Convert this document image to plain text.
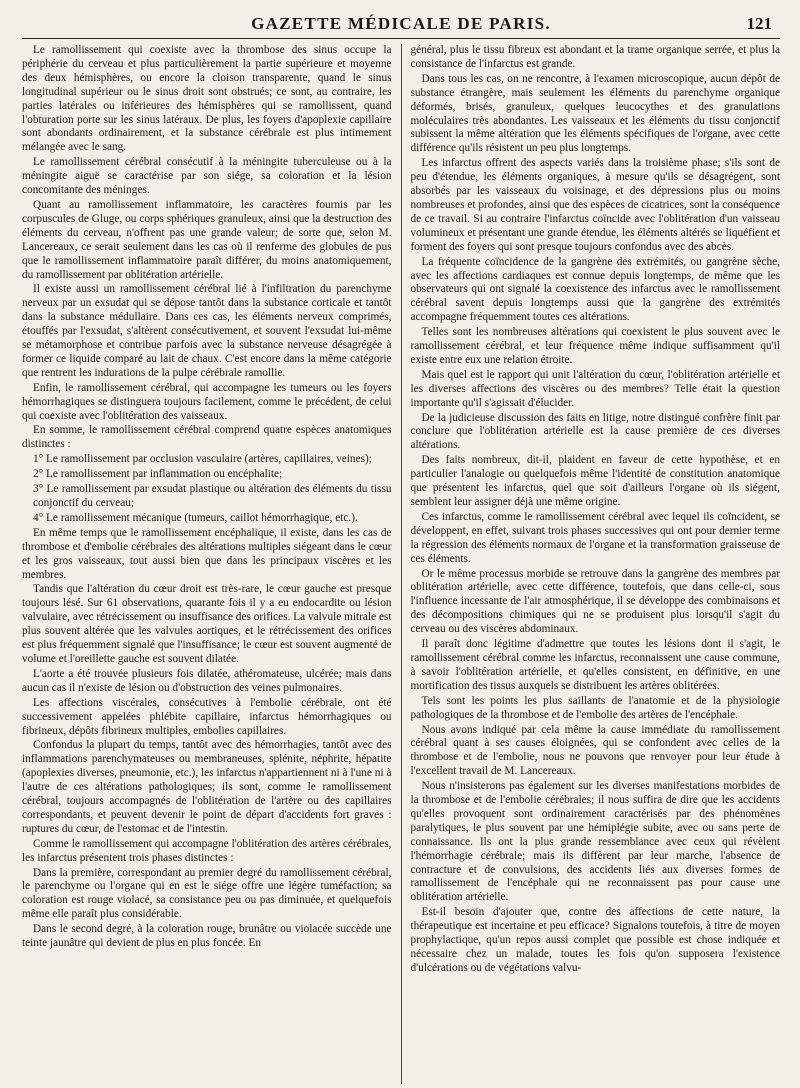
GAZETTE MÉDICALE DE PARIS.	121

Le ramollissement qui coexiste avec la thrombose des sinus occupe la périphérie du cerveau et plus particulièrement la partie supérieure et moyenne des deux hémisphères, ou encore la cloison transparente, quand le sinus longitudinal supérieur ou le sinus droit sont obstrués; ce sont, au contraire, les parties latérales ou inférieures des hémisphères qui se ramollissent, quand l'obturation porte sur les sinus latéraux. De plus, les foyers d'apoplexie capillaire sont abondants ordinairement, et la substance cérébrale est plus intimement mélangée avec le sang.

Le ramollissement cérébral consécutif à la méningite tuberculeuse ou à la méningite aiguë se caractérise par son siége, sa coloration et la lésion concomitante des méninges.

Quant au ramollissement inflammatoire, les caractères fournis par les corpuscules de Gluge, ou corps sphériques granuleux, ainsi que la destruction des éléments du cerveau, n'offrent pas une grande valeur; de sorte que, selon M. Lancereaux, ce serait seulement dans les cas où il renferme des globules de pus que le ramollissement inflammatoire paraît différer, du moins anatomiquement, du ramollissement par oblitération artérielle.

Il existe aussi un ramollissement cérébral lié à l'infiltration du parenchyme nerveux par un exsudat qui se dépose tantôt dans la substance corticale et tantôt dans la substance médullaire. Dans ces cas, les éléments nerveux comprimés, étouffés par l'exsudat, s'altèrent consécutivement, et souvent l'exsudat lui-même se métamorphose et contribue parfois avec la substance nerveuse désagrégée à former ce liquide comparé au lait de chaux. C'est encore dans la même catégorie que rentrent les indurations de la pulpe cérébrale ramollie.

Enfin, le ramollissement cérébral, qui accompagne les tumeurs ou les foyers hémorrhagiques se distinguera toujours facilement, comme le précédent, de celui qui coexiste avec l'oblitération des vaisseaux.

En somme, le ramollissement cérébral comprend quatre espèces anatomiques distinctes :

1° Le ramollissement par occlusion vasculaire (artères, capillaires, veines);

2° Le ramollissement par inflammation ou encéphalite;

3° Le ramollissement par exsudat plastique ou altération des éléments du tissu conjonctif du cerveau;

4° Le ramollissement mécanique (tumeurs, caillot hémorrhagique, etc.).

En même temps que le ramollissement encéphalique, il existe, dans les cas de thrombose et d'embolie cérébrales des altérations multiples siégeant dans le cœur et les gros vaisseaux, tout aussi bien que dans les principaux viscères et les membres.

Tandis que l'altération du cœur droit est très-rare, le cœur gauche est presque toujours lésé. Sur 61 observations, quarante fois il y a eu endocardite ou lésion valvulaire, avec rétrécissement ou insuffisance des orifices. La valvule mitrale est plus souvent altérée que les valvules aortiques, et le rétrécissement des orifices est plus fréquemment signalé que l'insuffisance; le cœur est souvent augmenté de volume et l'oreillette gauche est souvent dilatée.

L'aorte a été trouvée plusieurs fois dilatée, athéromateuse, ulcérée; mais dans aucun cas il n'existe de lésion ou d'obstruction des veines pulmonaires.

Les affections viscérales, consécutives à l'embolie cérébrale, ont été successivement appelées phlébite capillaire, infarctus hémorrhagiques ou fibrineux, dépôts fibrineux multiples, embolies capillaires.

Confondus la plupart du temps, tantôt avec des hémorrhagies, tantôt avec des inflammations parenchymateuses ou membraneuses, splénite, néphrite, hépatite (apoplexies diverses, pneumonie, etc.), les infarctus n'appartiennent ni à l'une ni à l'autre de ces altérations pathologiques; ils sont, comme le ramollissement cérébral, toujours accompagnés de l'oblitération de l'artère ou des capillaires correspondants, et peuvent devenir le point de départ d'accidents fort graves : ruptures du cœur, de l'estomac et de l'intestin.

Comme le ramollissement qui accompagne l'oblitération des artères cérébrales, les infarctus présentent trois phases distinctes :

Dans la première, correspondant au premier degré du ramollissement cérébral, le parenchyme ou l'organe qui en est le siége offre une légère tuméfaction; sa coloration est rouge violacé, sa consistance peu ou pas diminuée, et quelquefois même elle paraît plus considérable.

Dans le second degré, à la coloration rouge, brunâtre ou violacée succède une teinte jaunâtre qui devient de plus en plus foncée. En

général, plus le tissu fibreux est abondant et la trame organique serrée, et plus la consistance de l'infarctus est grande.

Dans tous les cas, on ne rencontre, à l'examen microscopique, aucun dépôt de substance étrangère, mais seulement les éléments du parenchyme organique déformés, brisés, granuleux, quelques leucocythes et des granulations moléculaires très abondantes. Les vaisseaux et les éléments du tissu conjonctif subissent la même altération que les éléments spécifiques de l'organe, avec cette différence qu'ils résistent un peu plus longtemps.

Les infarctus offrent des aspects variés dans la troisième phase; s'ils sont de peu d'étendue, les éléments organiques, à mesure qu'ils se désagrégent, sont absorbés par les vaisseaux du voisinage, et des dépressions plus ou moins nombreuses et profondes, ainsi que des espèces de cicatrices, sont la conséquence de ce travail. Si au contraire l'infarctus coïncide avec l'oblitération d'un vaisseau volumineux et présentant une grande étendue, les éléments altérés se liquéfient et forment des foyers qui sont presque toujours confondus avec des abcès.

La fréquente coïncidence de la gangrène des extrémités, ou gangrène sèche, avec les affections cardiaques est connue depuis longtemps, de même que les observateurs qui ont signalé la coexistence des infarctus avec le ramollissement cérébral savent depuis longtemps aussi que la gangrène des extrémités accompagne fréquemment toutes ces altérations.

Telles sont les nombreuses altérations qui coexistent le plus souvent avec le ramollissement cérébral, et leur fréquence même indique suffisamment qu'il existe entre eux une relation étroite.

Mais quel est le rapport qui unit l'altération du cœur, l'oblitération artérielle et les diverses affections des viscères ou des membres? Telle était la question importante qu'il s'agissait d'élucider.

De la judicieuse discussion des faits en litige, notre distingué confrère finit par conclure que l'oblitération artérielle est la cause première de ces diverses altérations.

Des faits nombreux, dit-il, plaident en faveur de cette hypothèse, et en particulier l'analogie ou quelquefois même l'identité de constitution anatomique que présentent les infarctus, quel que soit d'ailleurs l'organe où ils siégent, semblent leur assigner déjà une même origine.

Ces infarctus, comme le ramollissement cérébral avec lequel ils coïncident, se développent, en effet, suivant trois phases successives qui ont pour dernier terme la régression des éléments normaux de l'organe et la transformation graisseuse de ces éléments.

Or le même processus morbide se retrouve dans la gangrène des membres par oblitération artérielle, avec cette différence, toutefois, que dans celle-ci, sous l'influence incessante de l'air atmosphérique, il se développe des combinaisons et des décompositions chimiques qui ne se produisent plus lorsqu'il s'agit du cerveau ou des viscères abdominaux.

Il paraît donc légitime d'admettre que toutes les lésions dont il s'agit, le ramollissement cérébral comme les infarctus, reconnaissent une cause commune, à savoir l'oblitération artérielle, et qu'elles consistent, en définitive, en une mortification des tissus auxquels se distribuent les artères oblitérées.

Tels sont les points les plus saillants de l'anatomie et de la physiologie pathologiques de la thrombose et de l'embolie des artères de l'encéphale.

Nous avons indiqué par cela même la cause immédiate du ramollissement cérébral quant à ses causes éloignées, qui se confondent avec celles de la thrombose et de l'embolie, nous ne pouvons que renvoyer pour leur étude à l'excellent travail de M. Lancereaux.

Nous n'insisterons pas également sur les diverses manifestations morbides de la thrombose et de l'embolie cérébrales; il nous suffira de dire que les accidents qu'elles provoquent sont ordinairement caractérisés par des phénomènes paralytiques, le plus souvent par une hémiplégie subite, avec ou sans perte de connaissance. Ils ont la plus grande ressemblance avec ceux qui révèlent l'hémorrhagie cérébrale; mais ils diffèrent par leur marche, l'absence de contracture et de convulsions, des accidents liés aux diverses formes de ramollissement de l'encéphale qui ne reconnaissent pas pour cause une oblitération artérielle.

Est-il besoin d'ajouter que, contre des affections de cette nature, la thérapeutique est incertaine et peu efficace? Signalons toutefois, à titre de moyen prophylactique, qu'un repos aussi complet que possible est chose indiquée et nécessaire chez un malade, toutes les fois qu'on supposera l'existence d'ulcérations ou de végétations valvu-
